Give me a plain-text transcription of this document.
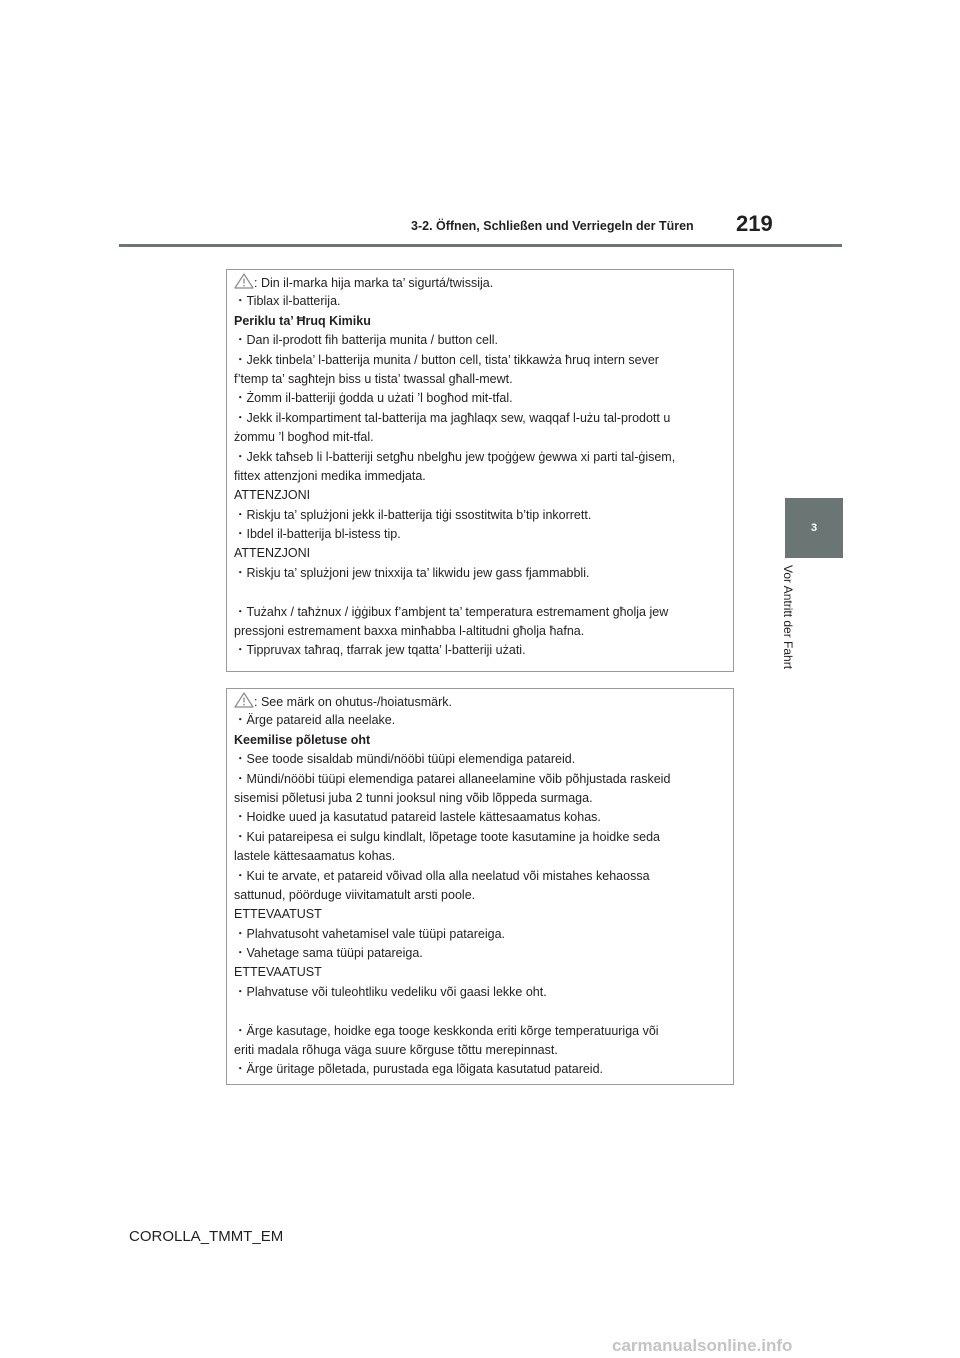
3-2. Öffnen, Schließen und Verriegeln der Türen 219
3
Vor Antritt der Fahrt
: Din il-marka hija marka ta’ sigurtá/twissija.
・Tiblax il-batterija.
Periklu ta’ Ħruq Kimiku
・Dan il-prodott fih batterija munita / button cell.
・Jekk tinbela’ l-batterija munita / button cell, tista’ tikkawża ħruq intern sever
f’temp ta’ sagħtejn biss u tista’ twassal għall-mewt.
・Żomm il-batteriji ġodda u użati ’l bogħod mit-tfal.
・Jekk il-kompartiment tal-batterija ma jagħlaqx sew, waqqaf l-użu tal-prodott u
żommu ’l bogħod mit-tfal.
・Jekk taħseb li l-batteriji setgħu nbelgħu jew tpoġġew ġewwa xi parti tal-ġisem,
fittex attenzjoni medika immedjata.
ATTENZJONI
・Riskju ta’ splużjoni jekk il-batterija tiġi ssostitwita b’tip inkorrett.
・Ibdel il-batterija bl-istess tip.
ATTENZJONI
・Riskju ta’ splużjoni jew tnixxija ta’ likwidu jew gass fjammabbli.
・Tużahx / taħżnux / iġġibux f’ambjent ta’ temperatura estremament għolja jew
pressjoni estremament baxxa minħabba l-altitudni għolja ħafna.
・Tippruvax taħraq, tfarrak jew tqatta’ l-batteriji użati.
: See märk on ohutus-/hoiatusmärk.
・Ärge patareid alla neelake.
Keemilise põletuse oht
・See toode sisaldab mündi/nööbi tüüpi elemendiga patareid.
・Mündi/nööbi tüüpi elemendiga patarei allaneelamine võib põhjustada raskeid
sisemisi põletusi juba 2 tunni jooksul ning võib lõppeda surmaga.
・Hoidke uued ja kasutatud patareid lastele kättesaamatus kohas.
・Kui patareipesa ei sulgu kindlalt, lõpetage toote kasutamine ja hoidke seda
lastele kättesaamatus kohas.
・Kui te arvate, et patareid võivad olla alla neelatud või mistahes kehaossa
sattunud, pöörduge viivitamatult arsti poole.
ETTEVAATUST
・Plahvatusoht vahetamisel vale tüüpi patareiga.
・Vahetage sama tüüpi patareiga.
ETTEVAATUST
・Plahvatuse või tuleohtliku vedeliku või gaasi lekke oht.
・Ärge kasutage, hoidke ega tooge keskkonda eriti kõrge temperatuuriga või
eriti madala rõhuga väga suure kõrguse tõttu merepinnast.
・Ärge üritage põletada, purustada ega lõigata kasutatud patareid.
COROLLA_TMMT_EM
carmanualsonline.info
